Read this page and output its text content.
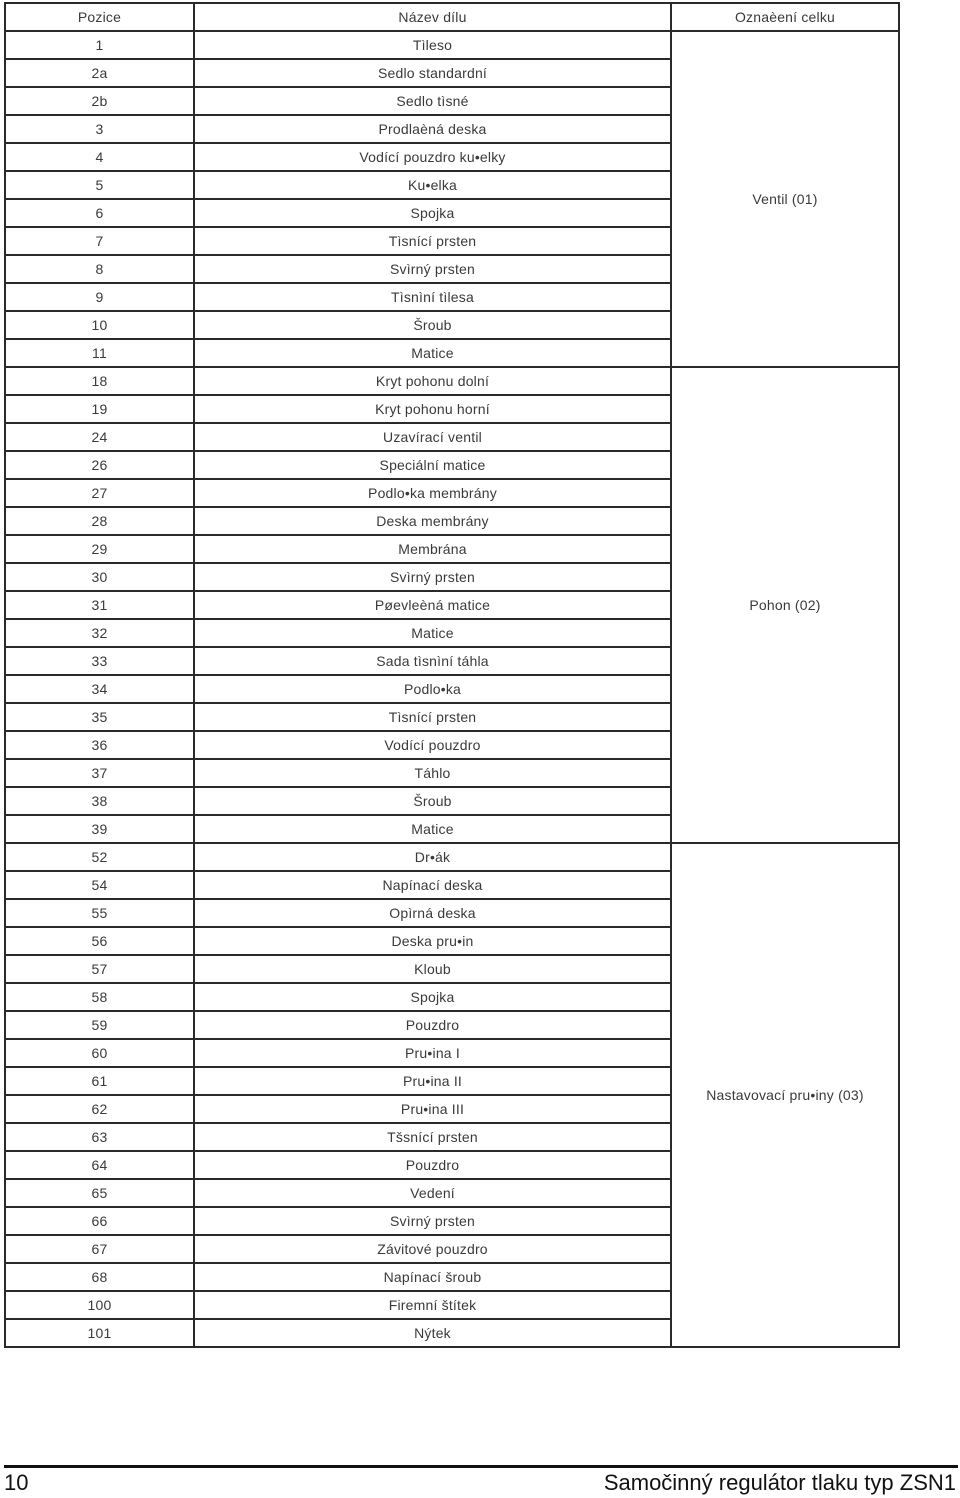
Pozice	Název dílu	Oznaèení celku
1	Tìleso	Ventil (01)
2a	Sedlo standardní	
2b	Sedlo tìsné	
3	Prodlaèná deska	
4	Vodící pouzdro ku•elky	
5	Ku•elka	
6	Spojka	
7	Tìsnící prsten	
8	Svìrný prsten	
9	Tìsnìní tìlesa	
10	Šroub	
11	Matice	
18	Kryt pohonu dolní	Pohon (02)
19	Kryt pohonu horní	
24	Uzavírací ventil	
26	Speciální matice	
27	Podlo•ka membrány	
28	Deska membrány	
29	Membrána	
30	Svìrný prsten	
31	Pøevleèná matice	
32	Matice	
33	Sada tìsnìní táhla	
34	Podlo•ka	
35	Tìsnící prsten	
36	Vodící pouzdro	
37	Táhlo	
38	Šroub	
39	Matice	
52	Dr•ák	Nastavovací pru•iny (03)
54	Napínací deska	
55	Opìrná deska	
56	Deska pru•in	
57	Kloub	
58	Spojka	
59	Pouzdro	
60	Pru•ina I	
61	Pru•ina II	
62	Pru•ina III	
63	Tšsnící prsten	
64	Pouzdro	
65	Vedení	
66	Svìrný prsten	
67	Závitové pouzdro	
68	Napínací šroub	
100	Firemní štítek	
101	Nýtek	
10	Samočinný regulátor tlaku typ ZSN1
